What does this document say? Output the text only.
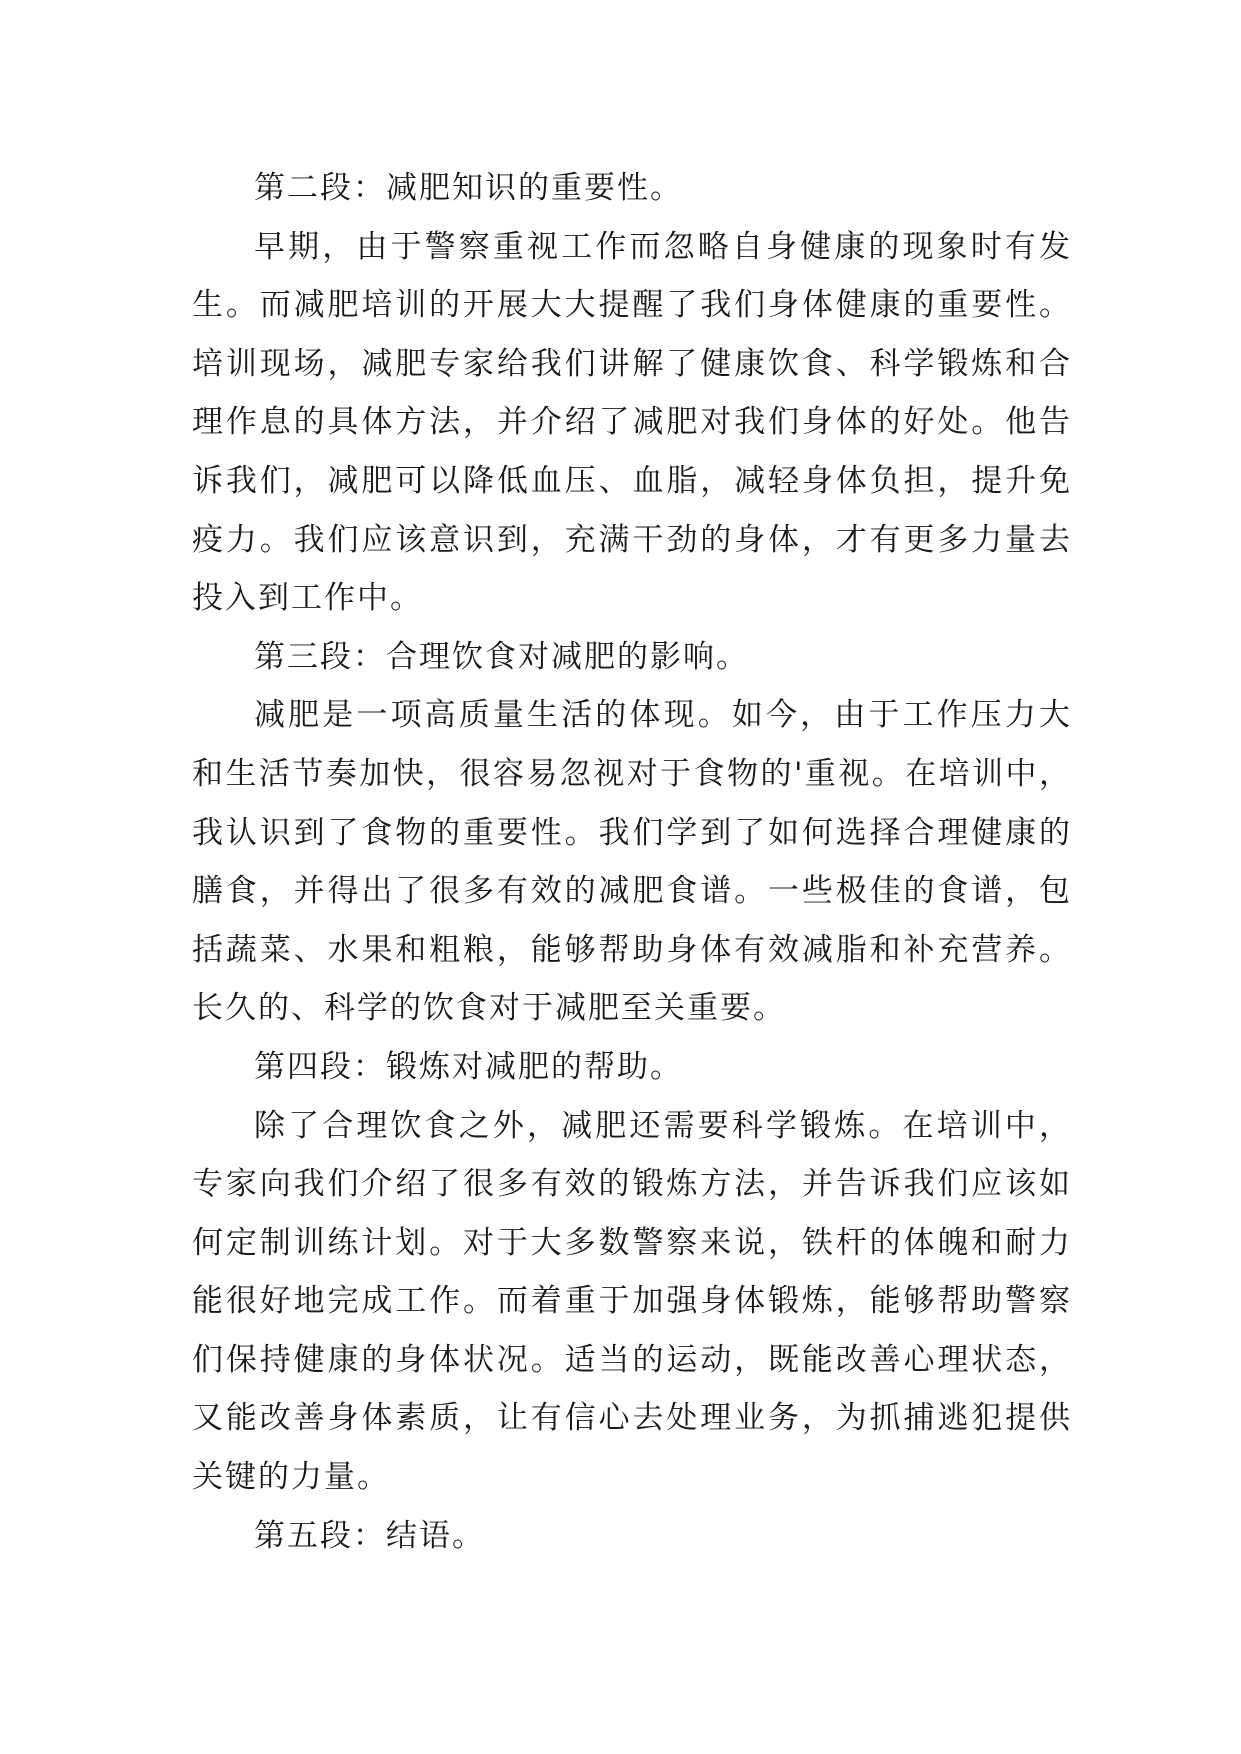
第二段：减肥知识的重要性。

早期，由于警察重视工作而忽略自身健康的现象时有发生。而减肥培训的开展大大提醒了我们身体健康的重要性。培训现场，减肥专家给我们讲解了健康饮食、科学锻炼和合理作息的具体方法，并介绍了减肥对我们身体的好处。他告诉我们，减肥可以降低血压、血脂，减轻身体负担，提升免疫力。我们应该意识到，充满干劲的身体，才有更多力量去投入到工作中。

第三段：合理饮食对减肥的影响。

减肥是一项高质量生活的体现。如今，由于工作压力大和生活节奏加快，很容易忽视对于食物的'重视。在培训中，我认识到了食物的重要性。我们学到了如何选择合理健康的膳食，并得出了很多有效的减肥食谱。一些极佳的食谱，包括蔬菜、水果和粗粮，能够帮助身体有效减脂和补充营养。长久的、科学的饮食对于减肥至关重要。

第四段：锻炼对减肥的帮助。

除了合理饮食之外，减肥还需要科学锻炼。在培训中，专家向我们介绍了很多有效的锻炼方法，并告诉我们应该如何定制训练计划。对于大多数警察来说，铁杆的体魄和耐力能很好地完成工作。而着重于加强身体锻炼，能够帮助警察们保持健康的身体状况。适当的运动，既能改善心理状态，又能改善身体素质，让有信心去处理业务，为抓捕逃犯提供关键的力量。

第五段：结语。
